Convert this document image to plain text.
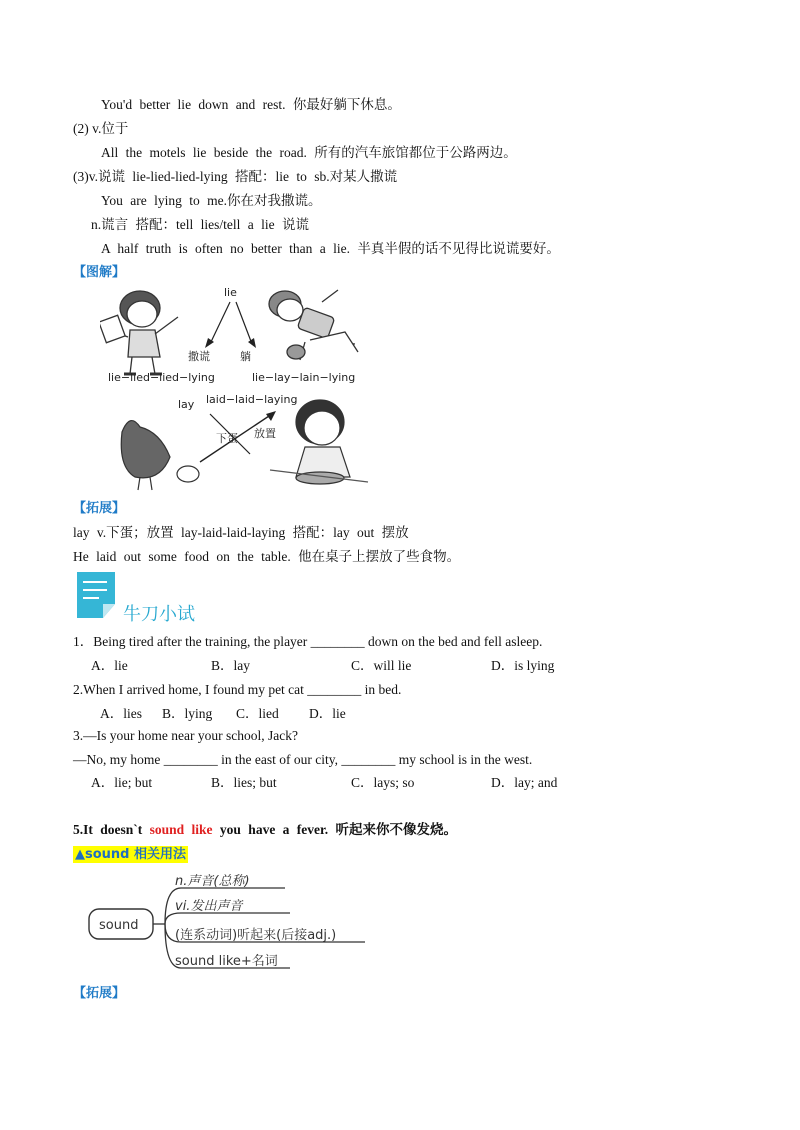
You'd better lie down and rest. 你最好躺下休息。
(2) v.位于
All the motels lie beside the road. 所有的汽车旅馆都位于公路两边。
(3)v.说谎 lie-lied-lied-lying 搭配：lie to sb.对某人撒谎
You are lying to me.你在对我撒谎。
n.谎言 搭配：tell lies/tell a lie 说谎
A half truth is often no better than a lie. 半真半假的话不见得比说谎要好。
【图解】
lie
撒谎	躺
lie−lied−lied−lying	lie−lay−lain−lying
lay laid−laid−laying
下蛋 放置
【拓展】
lay v.下蛋；放置 lay-laid-laid-laying 搭配：lay out 摆放
He laid out some food on the table. 他在桌子上摆放了些食物。
牛刀小试
1．Being tired after the training, the player ________ down on the bed and fell asleep.
A．lie	B．lay	C．will lie	D．is lying
2.When I arrived home, I found my pet cat ________ in bed.
A．lies B．lying C．lied D．lie
3.—Is your home near your school, Jack?
—No, my home ________ in the east of our city, ________ my school is in the west.
A．lie; but	B．lies; but	C．lays; so	D．lay; and
5.It doesn`t sound like you have a fever. 听起来你不像发烧。
▲sound 相关用法
sound
n.声音(总称)
vi.发出声音
(连系动词)听起来(后接adj.)
sound like+名词
【拓展】
